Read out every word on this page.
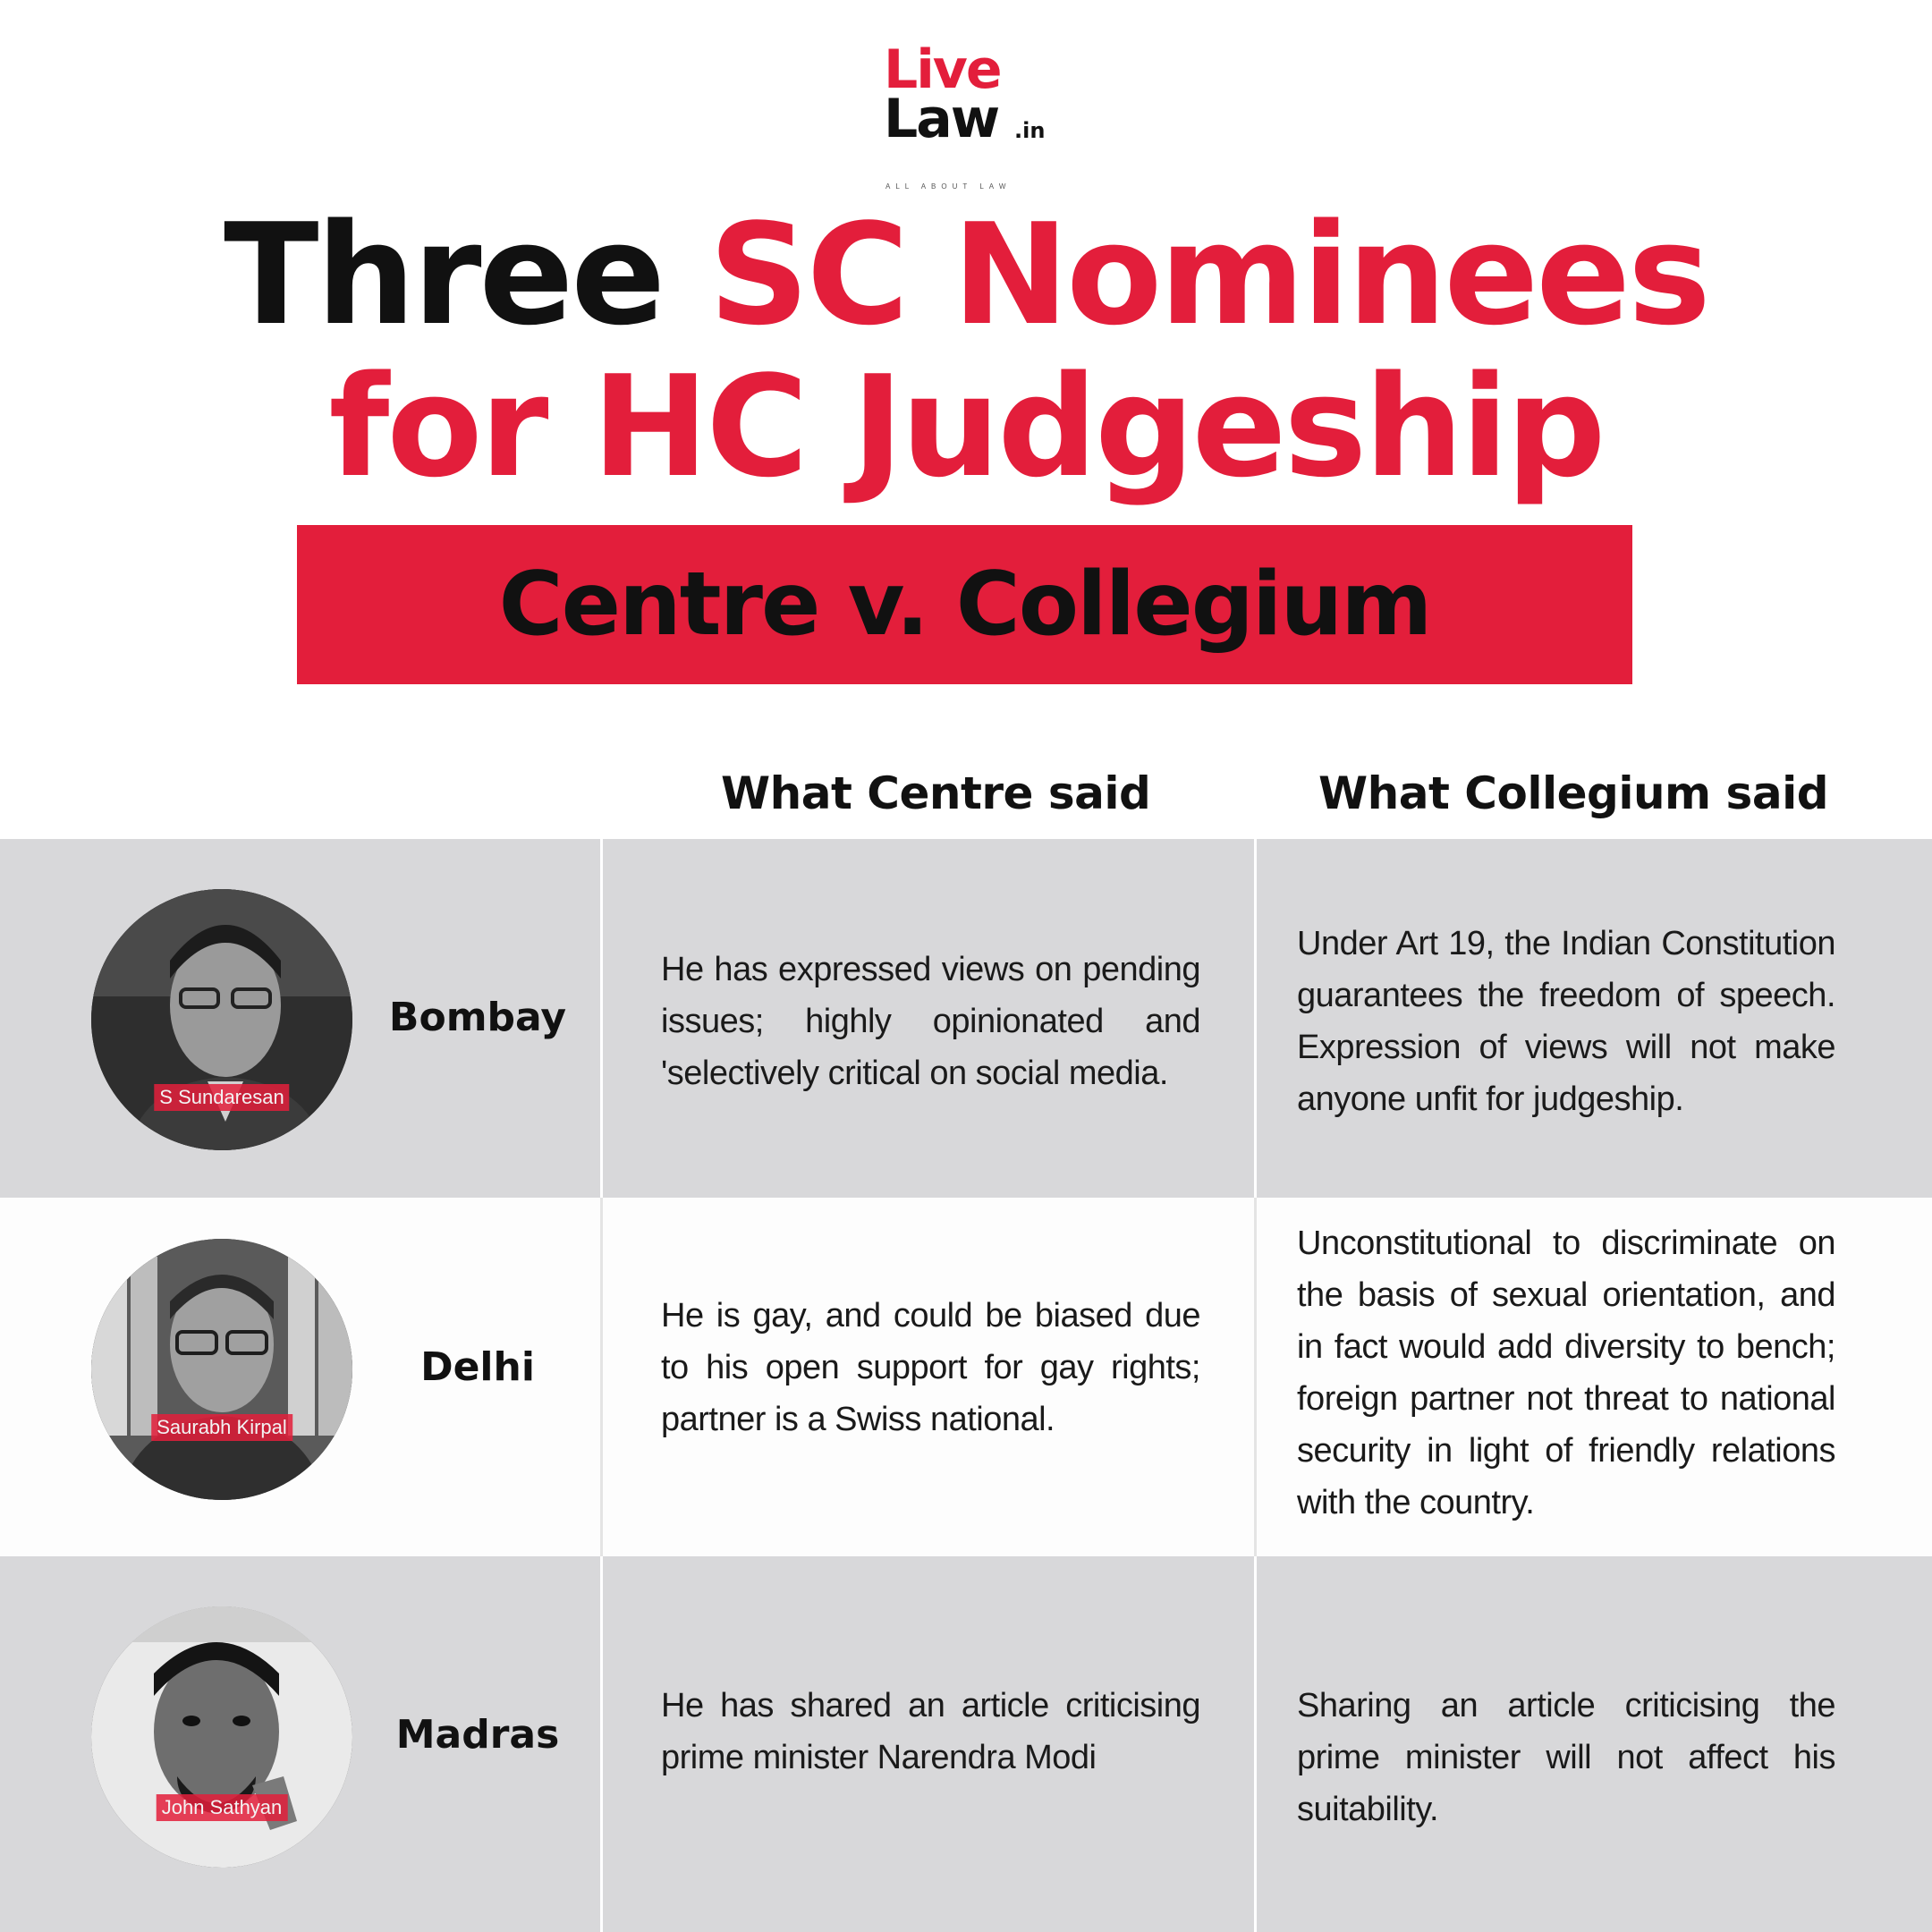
Live
Law .in
ALL ABOUT LAW
Three SC Nominees
for HC Judgeship
Centre v. Collegium
What Centre said	What Collegium said
S Sundaresan
Bombay
He has expressed views on pending issues; highly opinionated and 'selectively critical on social media.
Under Art 19, the Indian Constitution guarantees the freedom of speech. Expression of views will not make anyone unfit for judgeship.
Saurabh Kirpal
Delhi
He is gay, and could be biased due to his open support for gay rights; partner is a Swiss national.
Unconstitutional to discriminate on the basis of sexual orientation, and in fact would add diversity to bench; foreign partner not threat to national security in light of friendly relations with the country.
John Sathyan
Madras
He has shared an article criticising prime minister Narendra Modi
Sharing an article criticising the prime minister will not affect his suitability.
